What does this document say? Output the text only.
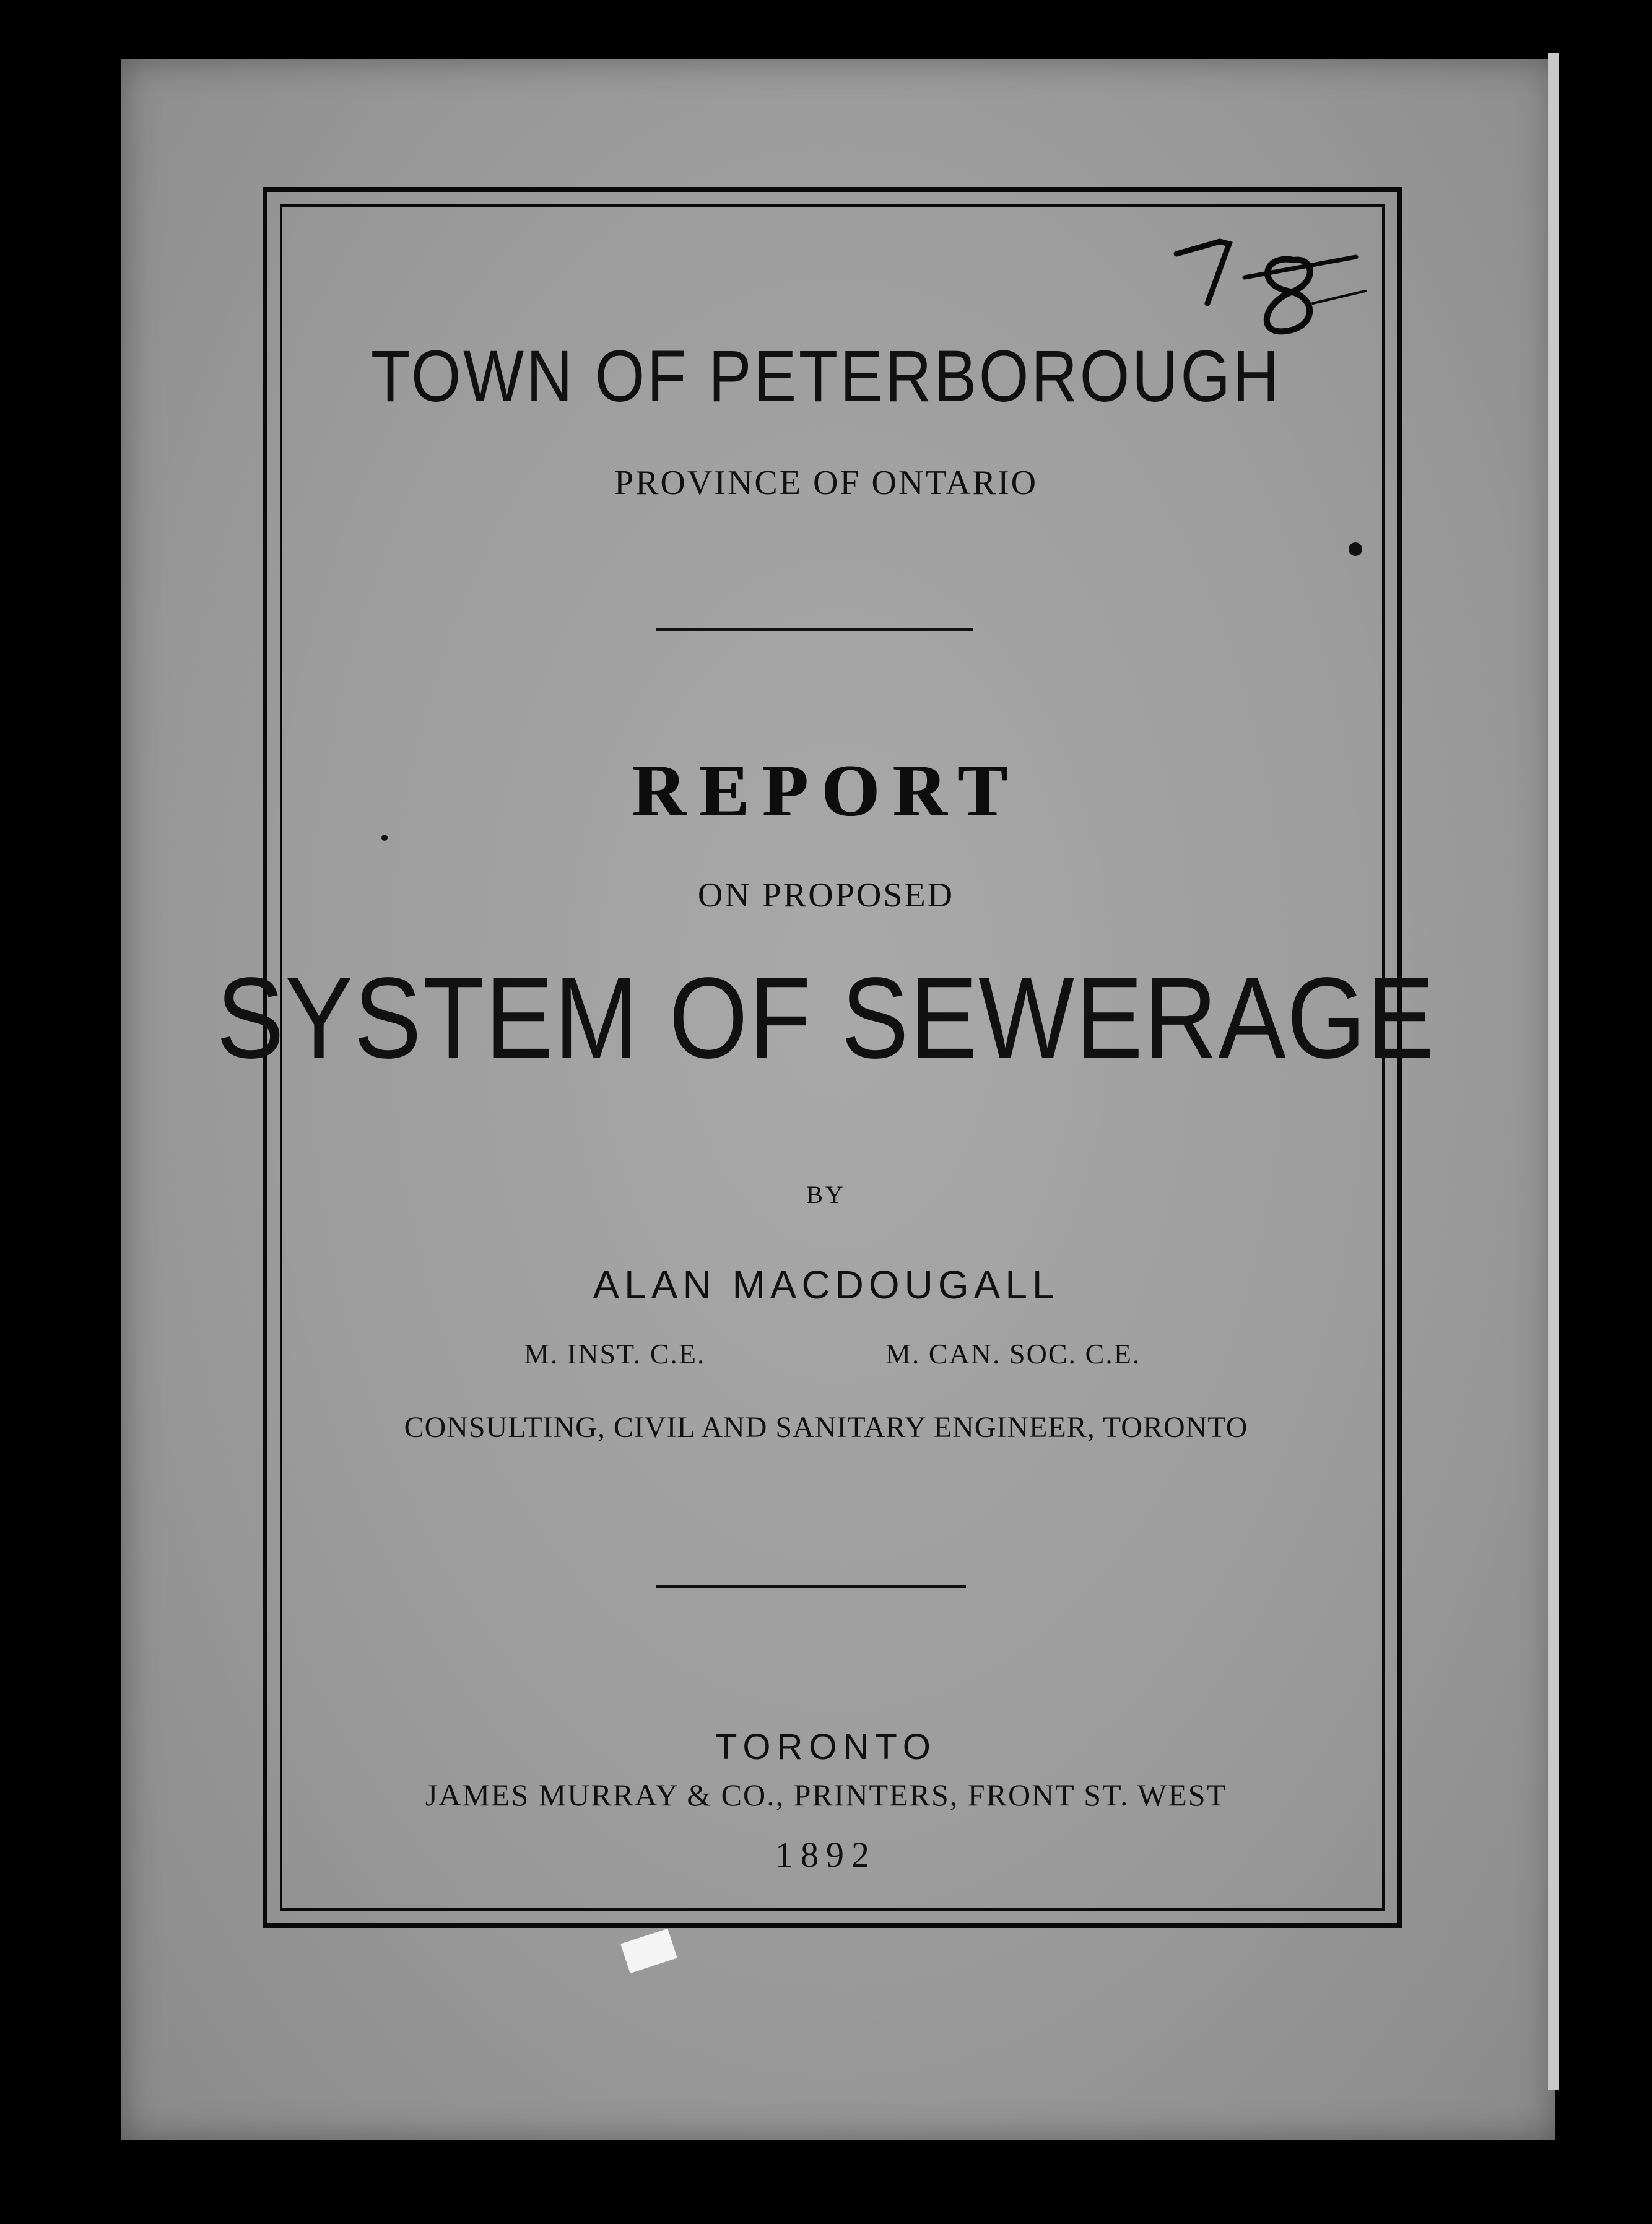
TOWN OF PETERBOROUGH
PROVINCE OF ONTARIO
REPORT
ON PROPOSED
SYSTEM OF SEWERAGE
BY
ALAN MACDOUGALL
M. INST. C.E.	M. CAN. SOC. C.E.
CONSULTING, CIVIL AND SANITARY ENGINEER, TORONTO
TORONTO
JAMES MURRAY & CO., PRINTERS, FRONT ST. WEST
1892
